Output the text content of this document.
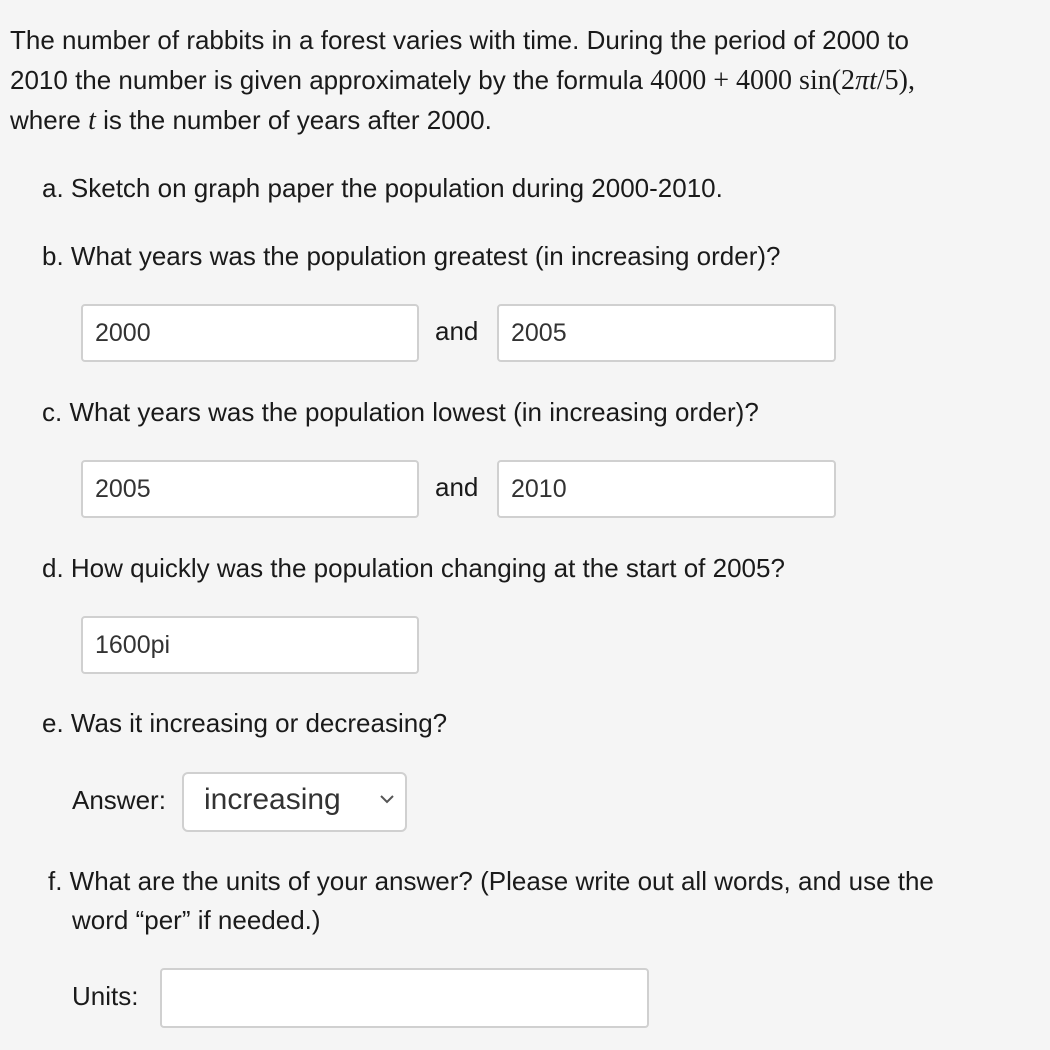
The number of rabbits in a forest varies with time. During the period of 2000 to
2010 the number is given approximately by the formula 4000 + 4000 sin(2πt/5),
where t is the number of years after 2000.
a. Sketch on graph paper the population during 2000-2010.
b. What years was the population greatest (in increasing order)?
2000
and
2005
c. What years was the population lowest (in increasing order)?
2005
and
2010
d. How quickly was the population changing at the start of 2005?
1600pi
e. Was it increasing or decreasing?
Answer: increasing
f. What are the units of your answer? (Please write out all words, and use the
word “per” if needed.)
Units:
